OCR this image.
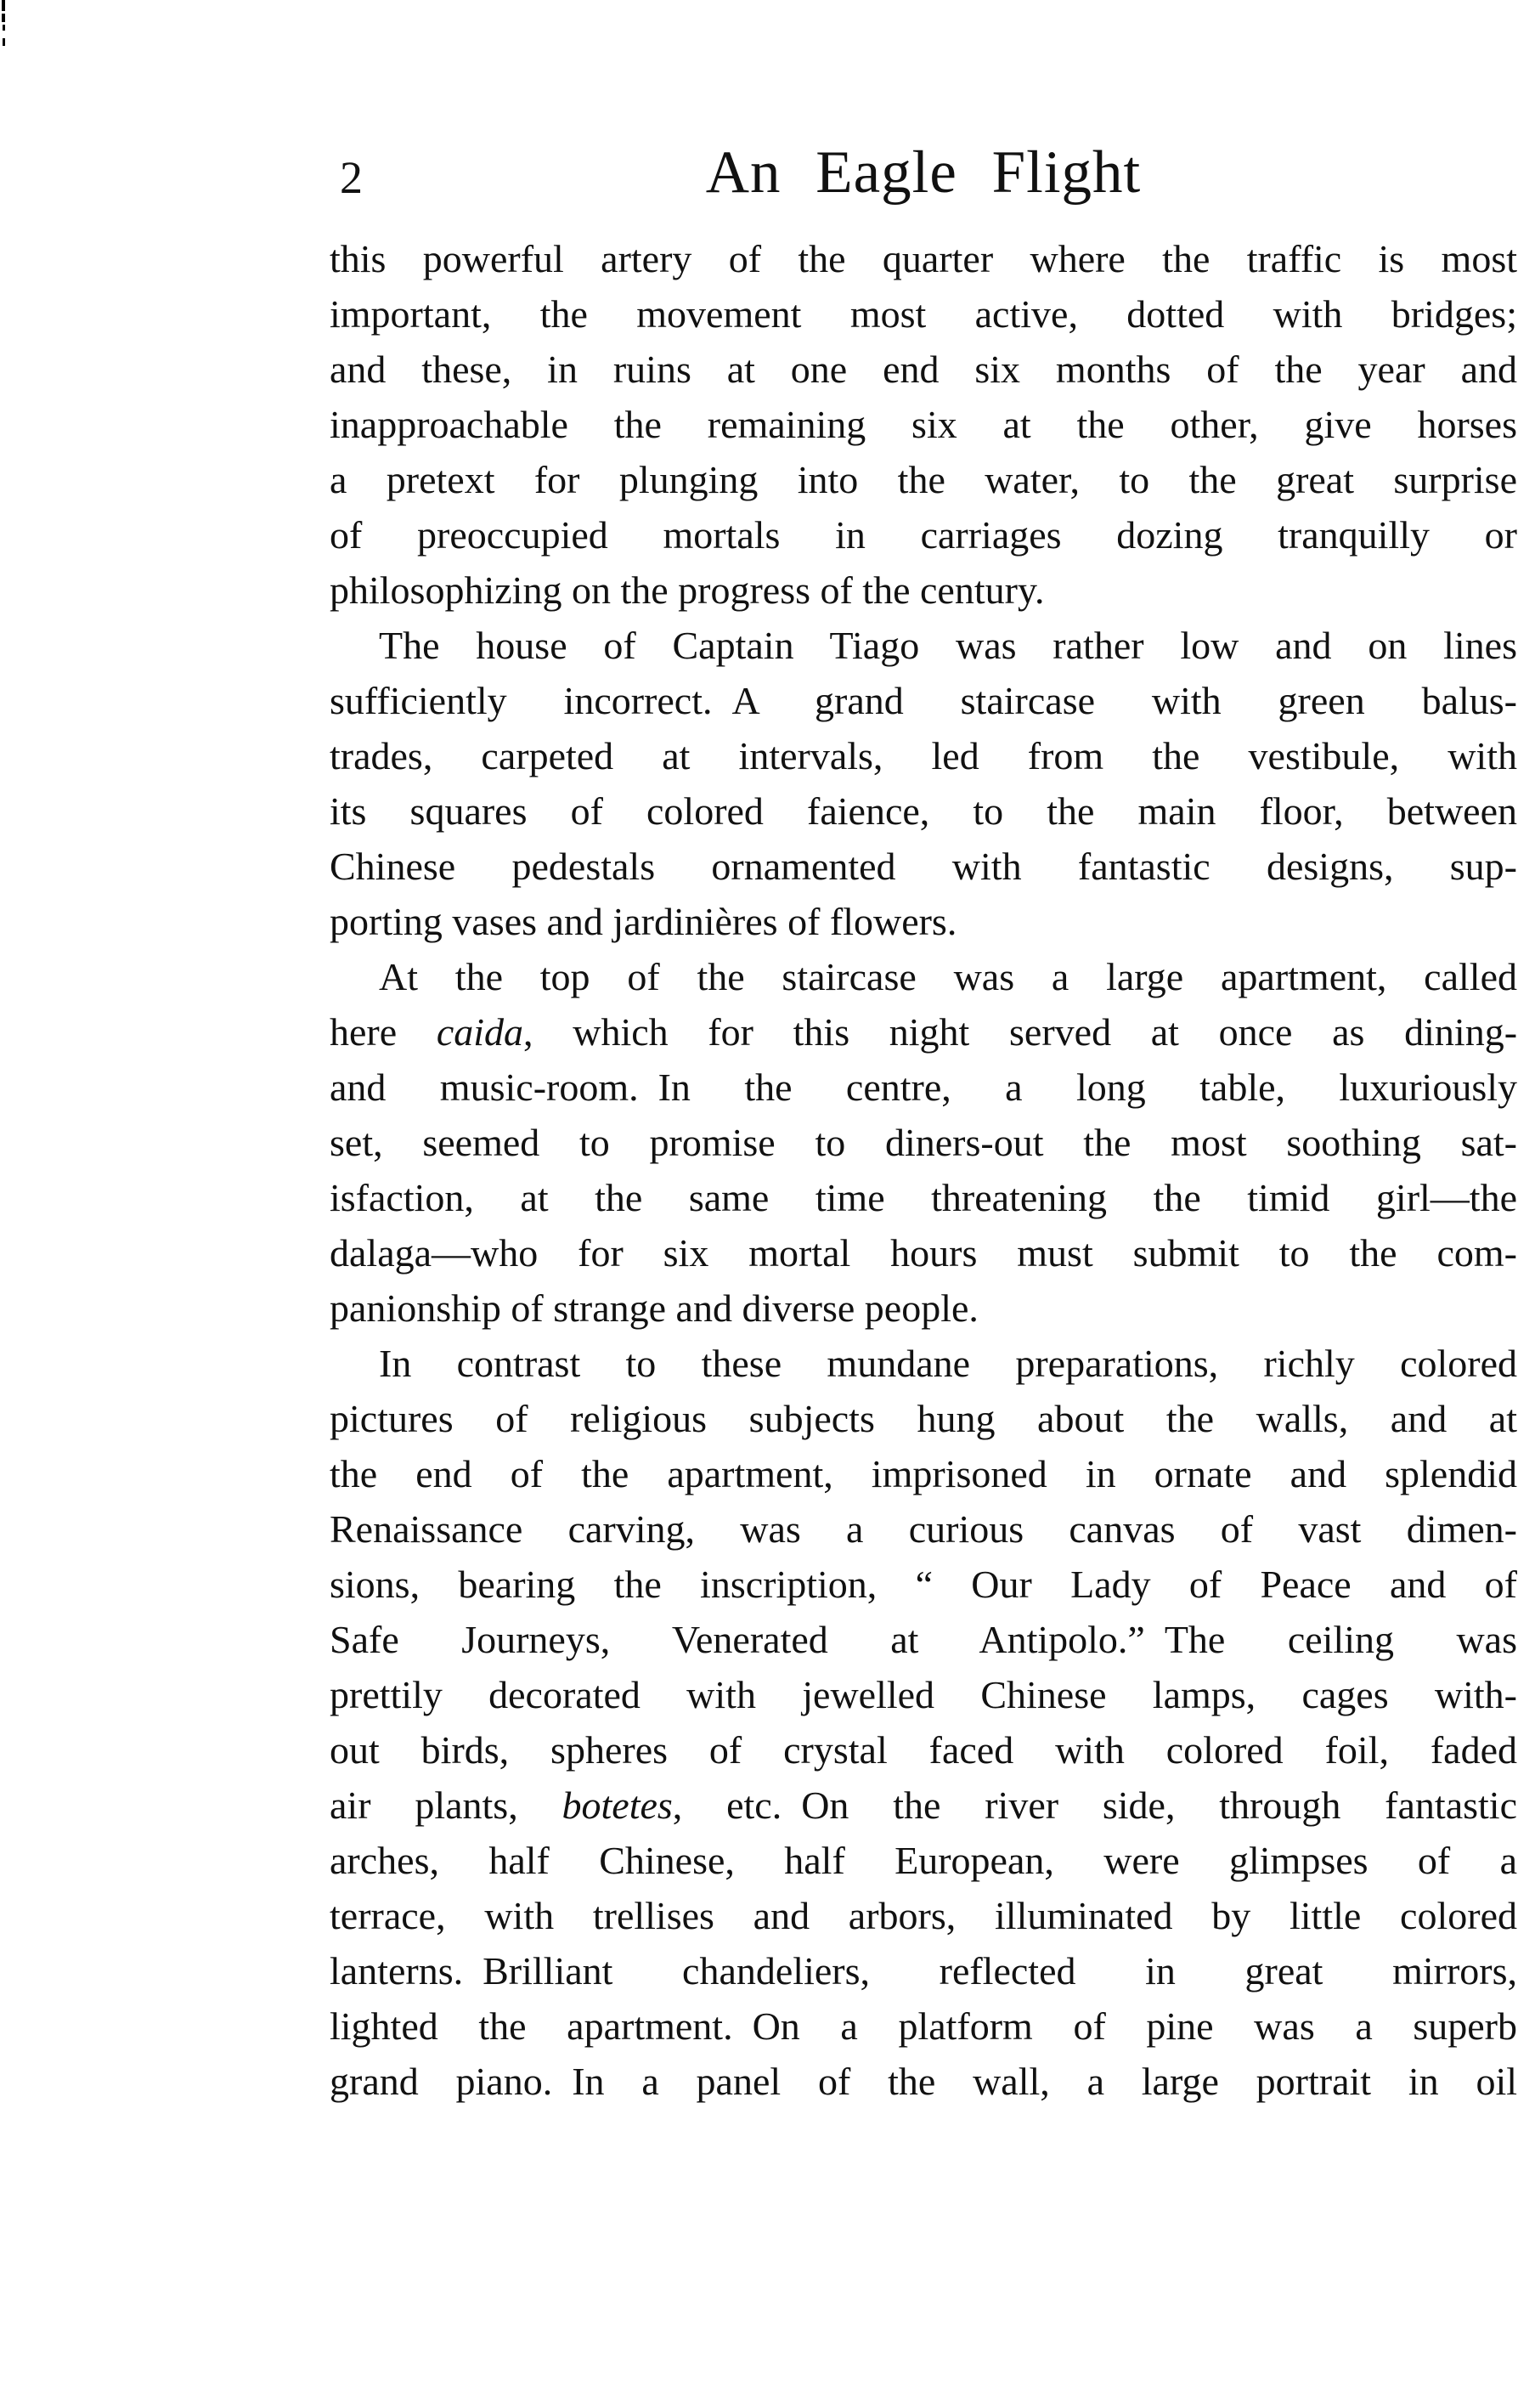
2	An Eagle Flight
this powerful artery of the quarter where the traffic is most
important, the movement most active, dotted with bridges;
and these, in ruins at one end six months of the year and
inapproachable the remaining six at the other, give horses
a pretext for plunging into the water, to the great surprise
of preoccupied mortals in carriages dozing tranquilly or
philosophizing on the progress of the century.
The house of Captain Tiago was rather low and on lines
sufficiently incorrect. A grand staircase with green balus-
trades, carpeted at intervals, led from the vestibule, with
its squares of colored faience, to the main floor, between
Chinese pedestals ornamented with fantastic designs, sup-
porting vases and jardinières of flowers.
At the top of the staircase was a large apartment, called
here caida, which for this night served at once as dining-
and music-room. In the centre, a long table, luxuriously
set, seemed to promise to diners-out the most soothing sat-
isfaction, at the same time threatening the timid girl—the
dalaga—who for six mortal hours must submit to the com-
panionship of strange and diverse people.
In contrast to these mundane preparations, richly colored
pictures of religious subjects hung about the walls, and at
the end of the apartment, imprisoned in ornate and splendid
Renaissance carving, was a curious canvas of vast dimen-
sions, bearing the inscription, “ Our Lady of Peace and of
Safe Journeys, Venerated at Antipolo.” The ceiling was
prettily decorated with jewelled Chinese lamps, cages with-
out birds, spheres of crystal faced with colored foil, faded
air plants, botetes, etc. On the river side, through fantastic
arches, half Chinese, half European, were glimpses of a
terrace, with trellises and arbors, illuminated by little colored
lanterns. Brilliant chandeliers, reflected in great mirrors,
lighted the apartment. On a platform of pine was a superb
grand piano. In a panel of the wall, a large portrait in oil
